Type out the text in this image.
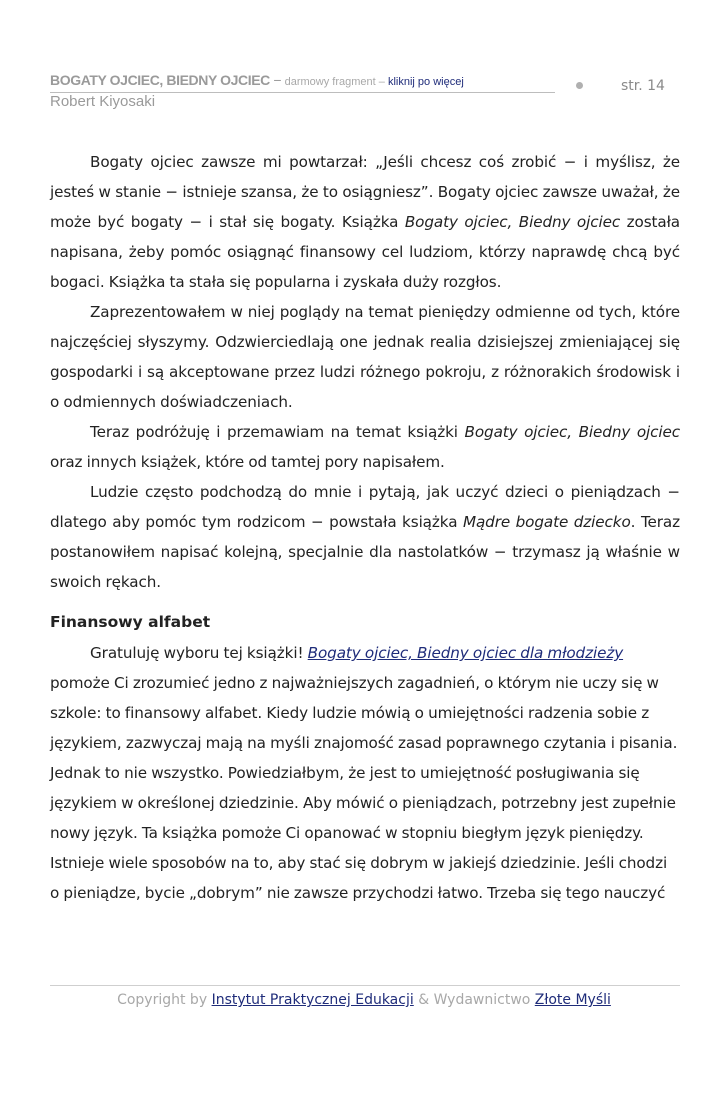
BOGATY OJCIEC, BIEDNY OJCIEC − darmowy fragment – kliknij po więcej
Robert Kiyosaki
str. 14

Bogaty ojciec zawsze mi powtarzał: „Jeśli chcesz coś zrobić − i myślisz, że jesteś w stanie − istnieje szansa, że to osiągniesz”. Bogaty ojciec zawsze uważał, że może być bogaty − i stał się bogaty. Książka Bogaty ojciec, Biedny ojciec została napisana, żeby pomóc osiągnąć finansowy cel ludziom, którzy naprawdę chcą być bogaci. Książka ta stała się popularna i zyskała duży rozgłos.

Zaprezentowałem w niej poglądy na temat pieniędzy odmienne od tych, które najczęściej słyszymy. Odzwierciedlają one jednak realia dzisiejszej zmieniającej się gospodarki i są akceptowane przez ludzi różnego pokroju, z różnorakich środowisk i o odmiennych doświadczeniach.

Teraz podróżuję i przemawiam na temat książki Bogaty ojciec, Biedny ojciec oraz innych książek, które od tamtej pory napisałem.

Ludzie często podchodzą do mnie i pytają, jak uczyć dzieci o pieniądzach − dlatego aby pomóc tym rodzicom − powstała książka Mądre bogate dziecko. Teraz postanowiłem napisać kolejną, specjalnie dla nastolatków − trzymasz ją właśnie w swoich rękach.

Finansowy alfabet

Gratuluję wyboru tej książki! Bogaty ojciec, Biedny ojciec dla młodzieży pomoże Ci zrozumieć jedno z najważniejszych zagadnień, o którym nie uczy się w szkole: to finansowy alfabet. Kiedy ludzie mówią o umiejętności radzenia sobie z językiem, zazwyczaj mają na myśli znajomość zasad poprawnego czytania i pisania. Jednak to nie wszystko. Powiedziałbym, że jest to umiejętność posługiwania się językiem w określonej dziedzinie. Aby mówić o pieniądzach, potrzebny jest zupełnie nowy język. Ta książka pomoże Ci opanować w stopniu biegłym język pieniędzy. Istnieje wiele sposobów na to, aby stać się dobrym w jakiejś dziedzinie. Jeśli chodzi o pieniądze, bycie „dobrym” nie zawsze przychodzi łatwo. Trzeba się tego nauczyć

Copyright by Instytut Praktycznej Edukacji & Wydawnictwo Złote Myśli
